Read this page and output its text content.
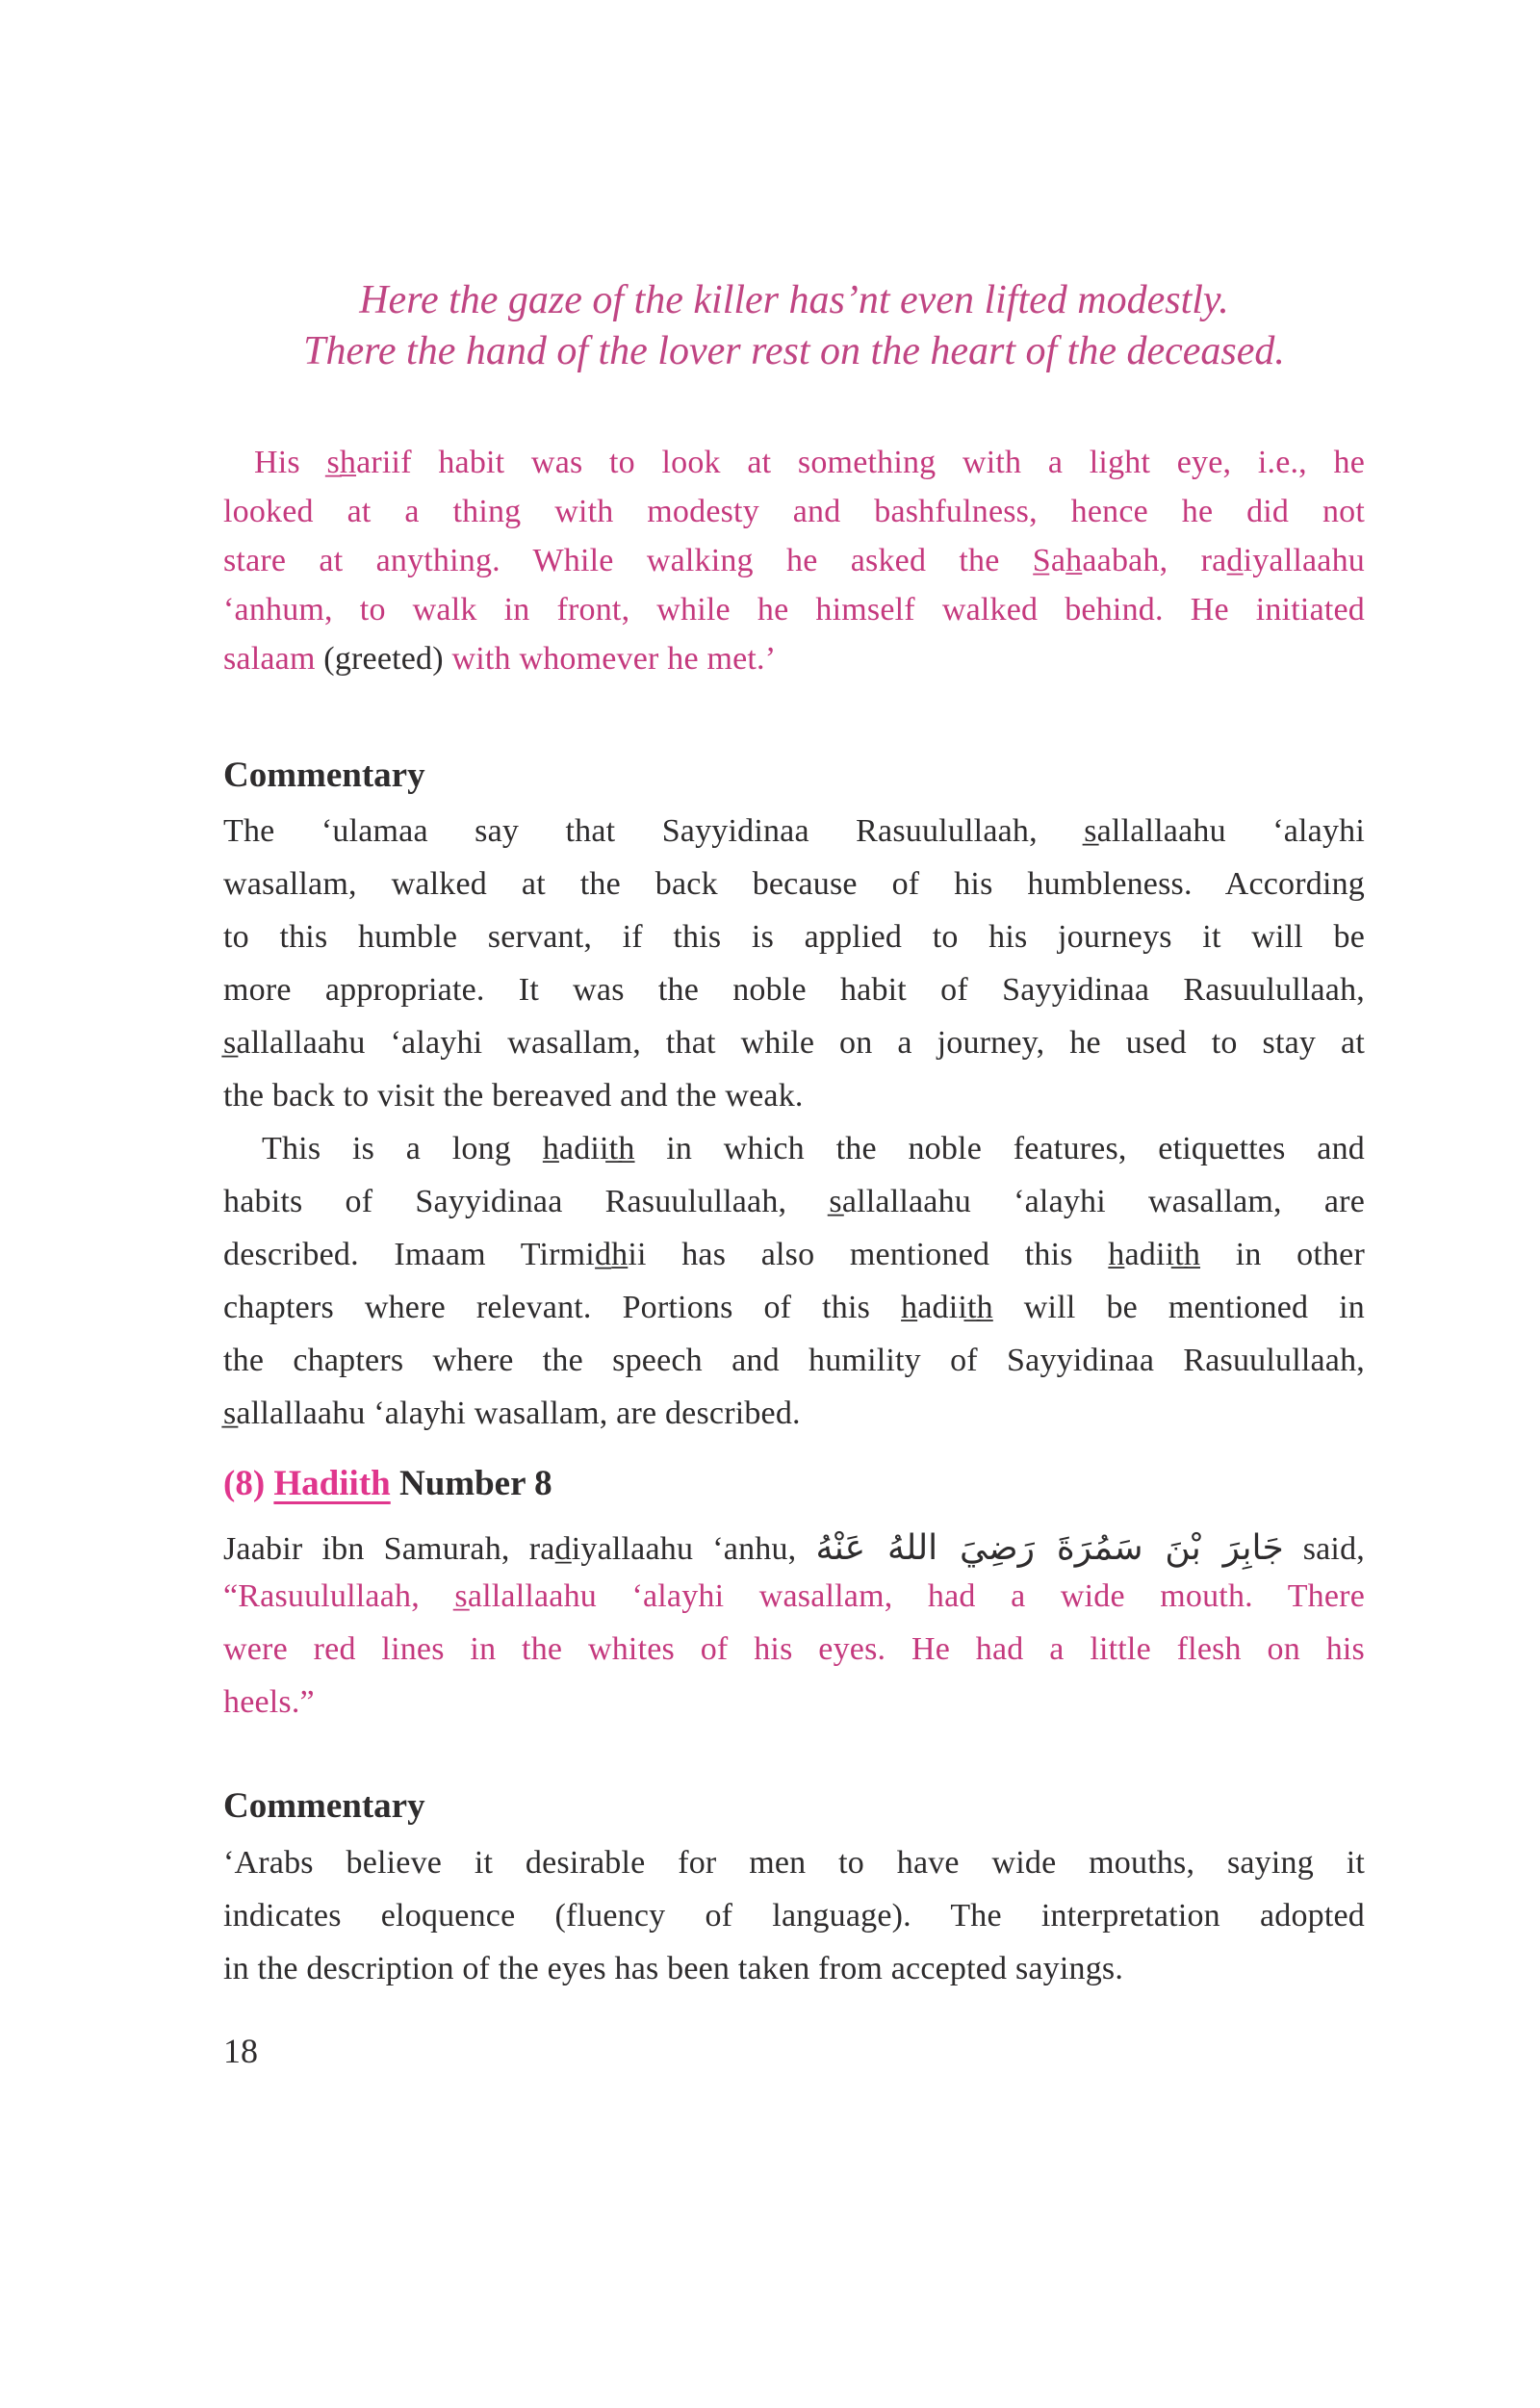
Here the gaze of the killer has’nt even lifted modestly.
There the hand of the lover rest on the heart of the deceased.
His s̲h̲ariif habit was to look at something with a light eye, i.e., he
looked at a thing with modesty and bashfulness, hence he did not
stare at anything. While walking he asked the S̲ah̲aabah, rad̲iyallaahu
‘anhum, to walk in front, while he himself walked behind. He initiated
salaam (greeted) with whomever he met.’
Commentary
The ‘ulamaa say that Sayyidinaa Rasuulullaah, s̲allallaahu ‘alayhi
wasallam, walked at the back because of his humbleness. According
to this humble servant, if this is applied to his journeys it will be
more appropriate. It was the noble habit of Sayyidinaa Rasuulullaah,
s̲allallaahu ‘alayhi wasallam, that while on a journey, he used to stay at
the back to visit the bereaved and the weak.
This is a long h̲adiit̲h̲ in which the noble features, etiquettes and
habits of Sayyidinaa Rasuulullaah, s̲allallaahu ‘alayhi wasallam, are
described. Imaam Tirmid̲h̲ii has also mentioned this h̲adiit̲h̲ in other
chapters where relevant. Portions of this h̲adiit̲h̲ will be mentioned in
the chapters where the speech and humility of Sayyidinaa Rasuulullaah,
s̲allallaahu ‘alayhi wasallam, are described.
(8) Hadiith Number 8
Jaabir ibn Samurah, rad̲iyallaahu ‘anhu, جَابِرَ بْنَ سَمُرَةَ رَضِيَ اللهُ عَنْهُ said,
“Rasuulullaah, s̲allallaahu ‘alayhi wasallam, had a wide mouth. There
were red lines in the whites of his eyes. He had a little flesh on his
heels.”
Commentary
‘Arabs believe it desirable for men to have wide mouths, saying it
indicates eloquence (fluency of language). The interpretation adopted
in the description of the eyes has been taken from accepted sayings.
18
